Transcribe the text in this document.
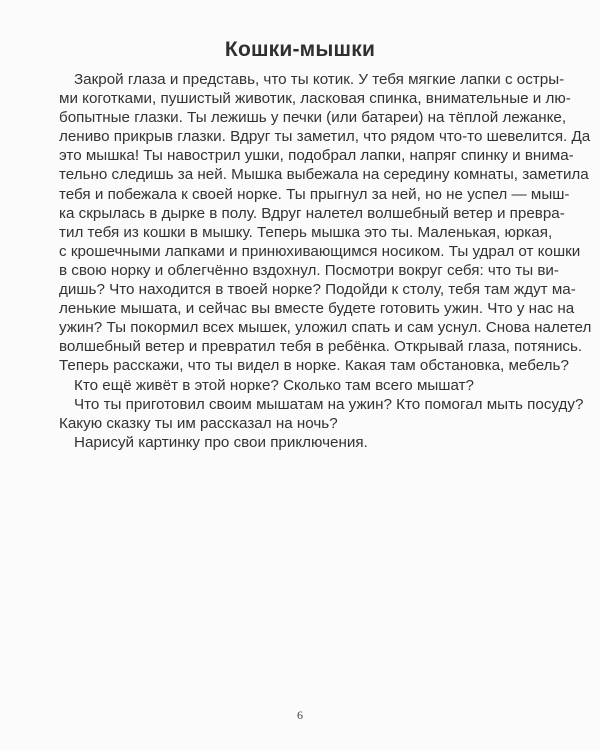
Кошки-мышки
Закрой глаза и представь, что ты котик. У тебя мягкие лапки с остры-
ми коготками, пушистый животик, ласковая спинка, внимательные и лю-
бопытные глазки. Ты лежишь у печки (или батареи) на тёплой лежанке,
лениво прикрыв глазки. Вдруг ты заметил, что рядом что-то шевелится. Да
это мышка! Ты навострил ушки, подобрал лапки, напряг спинку и внима-
тельно следишь за ней. Мышка выбежала на середину комнаты, заметила
тебя и побежала к своей норке. Ты прыгнул за ней, но не успел — мыш-
ка скрылась в дырке в полу. Вдруг налетел волшебный ветер и превра-
тил тебя из кошки в мышку. Теперь мышка это ты. Маленькая, юркая,
с крошечными лапками и принюхивающимся носиком. Ты удрал от кошки
в свою норку и облегчённо вздохнул. Посмотри вокруг себя: что ты ви-
дишь? Что находится в твоей норке? Подойди к столу, тебя там ждут ма-
ленькие мышата, и сейчас вы вместе будете готовить ужин. Что у нас на
ужин? Ты покормил всех мышек, уложил спать и сам уснул. Снова налетел
волшебный ветер и превратил тебя в ребёнка. Открывай глаза, потянись.
Теперь расскажи, что ты видел в норке. Какая там обстановка, мебель?
Кто ещё живёт в этой норке? Сколько там всего мышат?
Что ты приготовил своим мышатам на ужин? Кто помогал мыть посуду?
Какую сказку ты им рассказал на ночь?
Нарисуй картинку про свои приключения.
6
